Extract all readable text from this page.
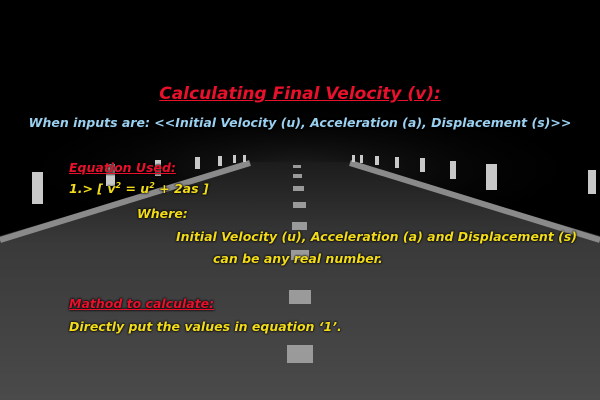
Calculating Final Velocity (v):
When inputs are: <<Initial Velocity (u), Acceleration (a), Displacement (s)>>
Equation Used:
1.> [ $v^2 = u^2 + 2as$ ]
Where:
Initial Velocity (u), Acceleration (a) and Displacement (s)
can be any real number.
Mathod to calculate:
Directly put the values in equation ‘1’.
